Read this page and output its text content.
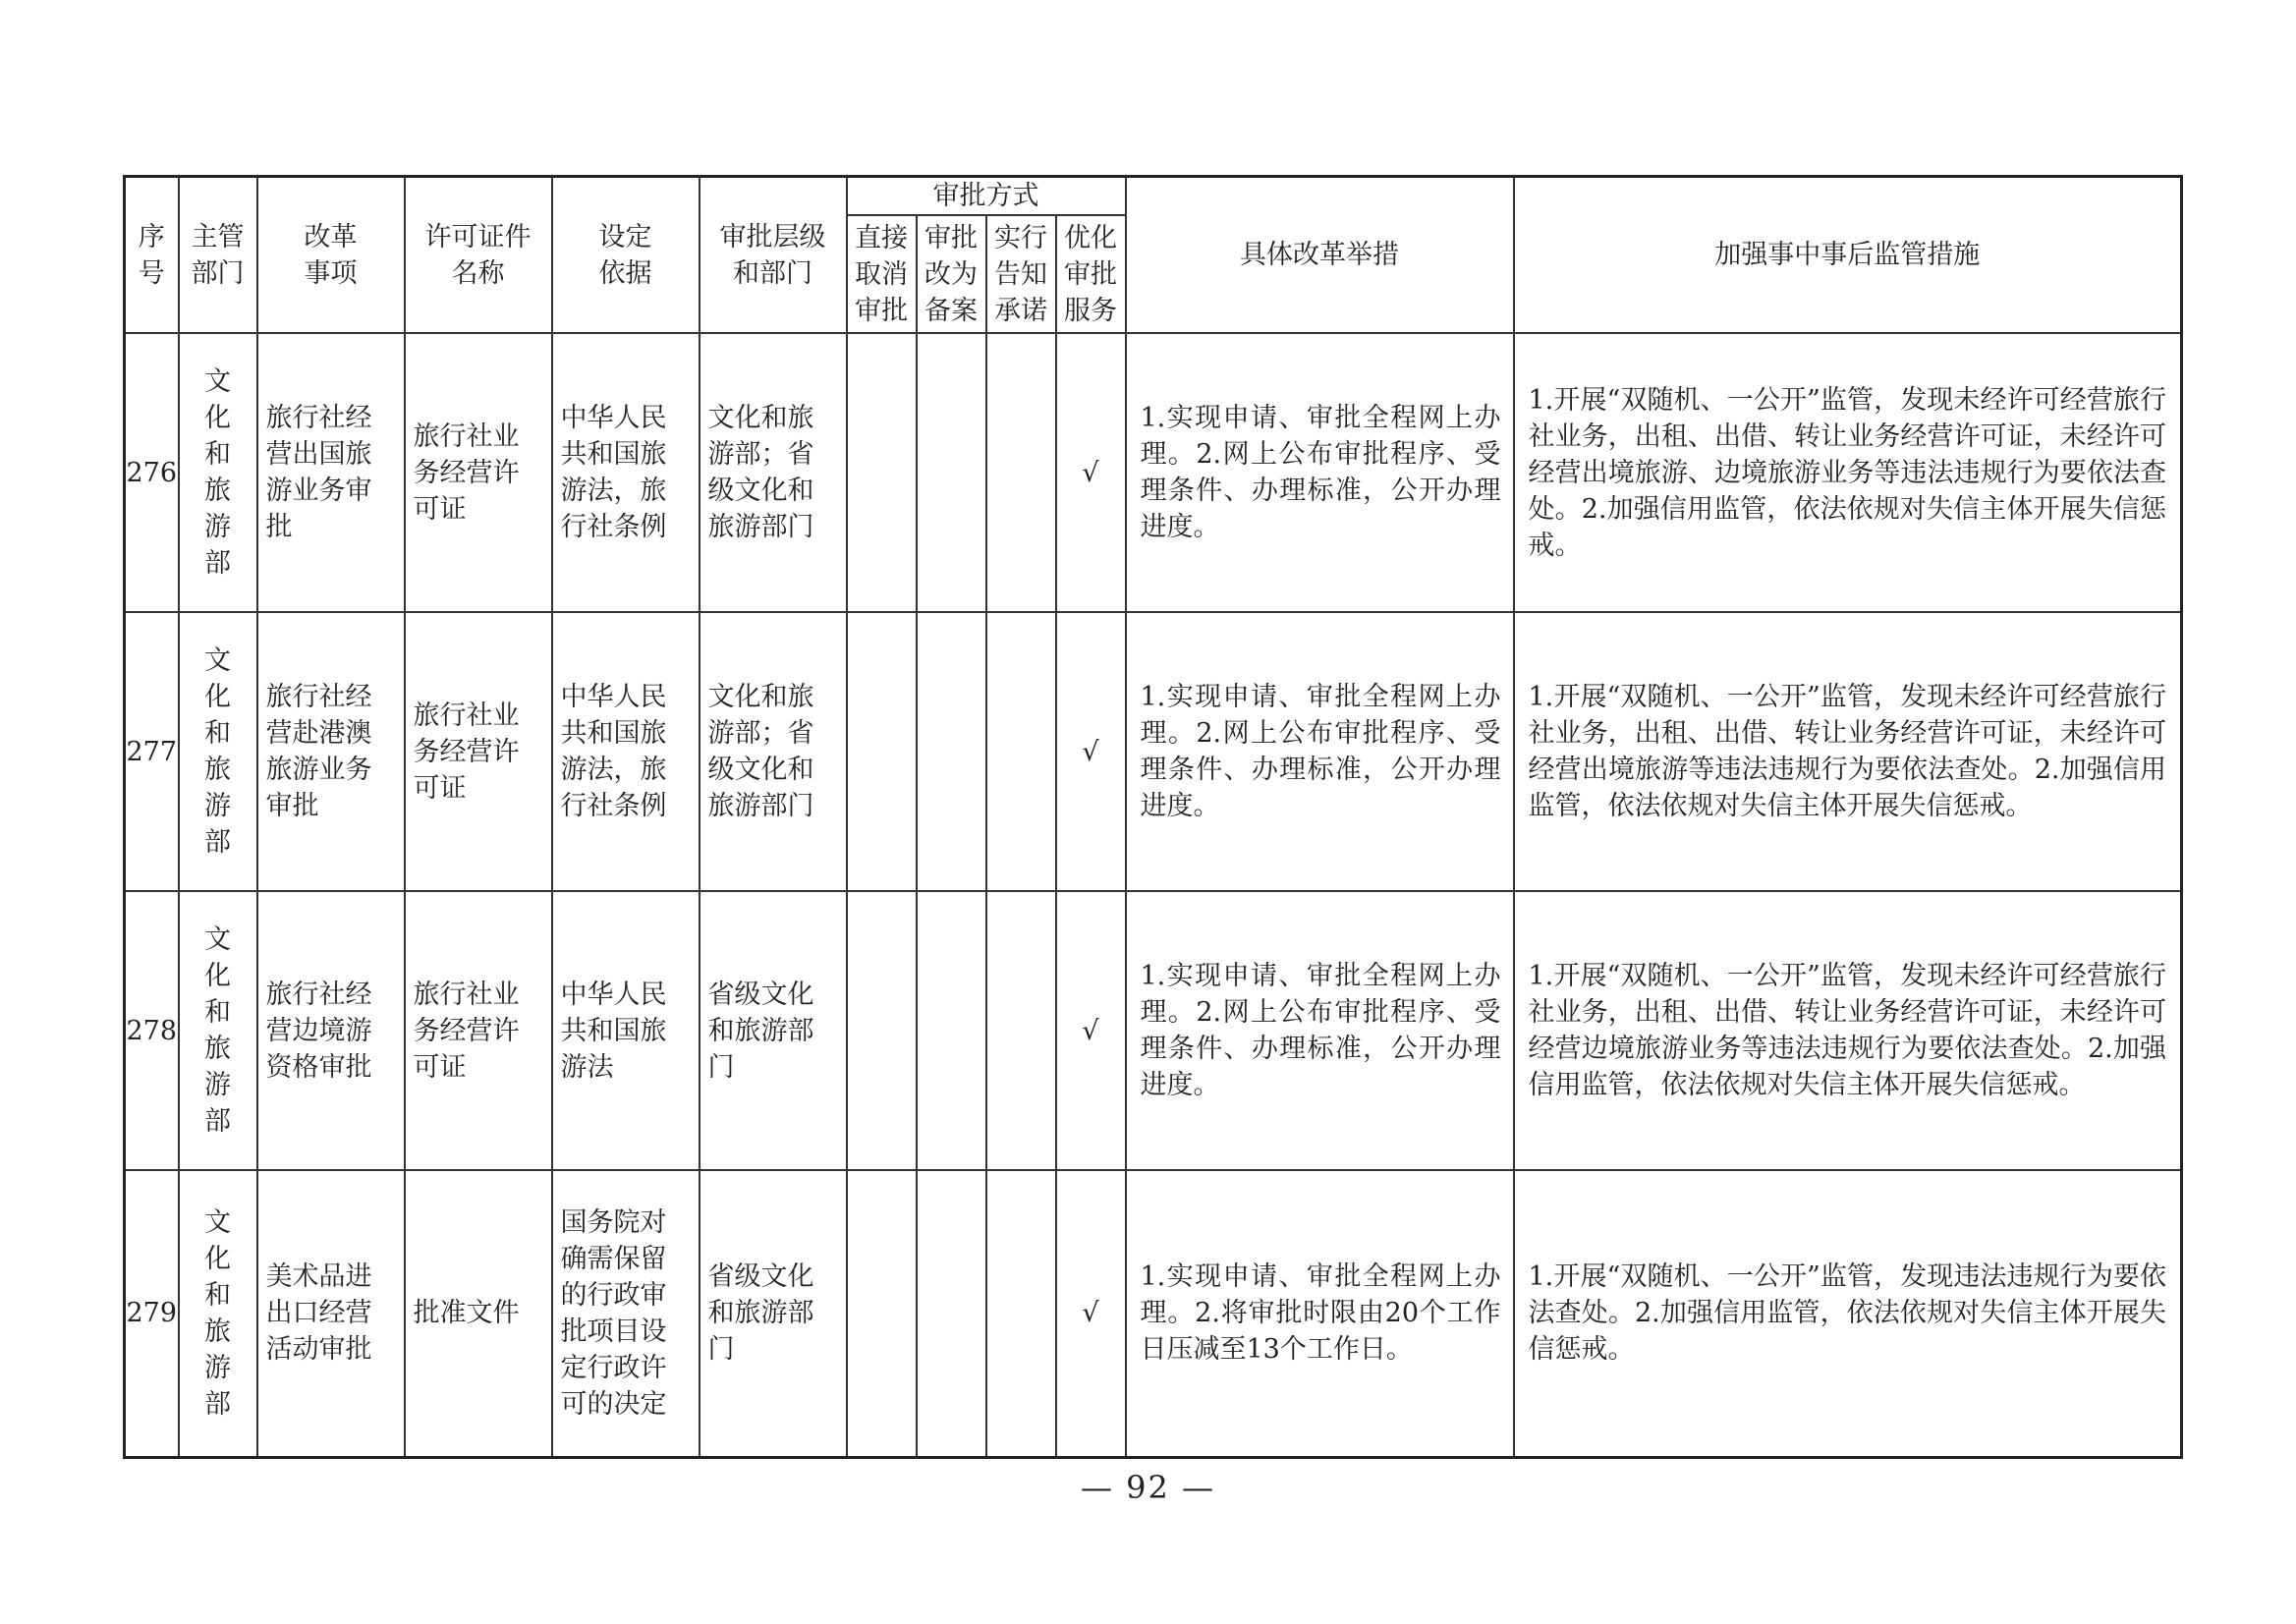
序号	主管部门	改革事项	许可证件名称	设定依据	审批层级和部门	审批方式				具体改革举措	加强事中事后监管措施
						直接取消审批	审批改为备案	实行告知承诺	优化审批服务		
276	文化和旅游部	旅行社经营出国旅游业务审批	旅行社业务经营许可证	中华人民共和国旅游法，旅行社条例	文化和旅游部；省级文化和旅游部门				√	1.实现申请、审批全程网上办理。2.网上公布审批程序、受理条件、办理标准，公开办理进度。	1.开展“双随机、一公开”监管，发现未经许可经营旅行社业务，出租、出借、转让业务经营许可证，未经许可经营出境旅游、边境旅游业务等违法违规行为要依法查处。2.加强信用监管，依法依规对失信主体开展失信惩戒。
277	文化和旅游部	旅行社经营赴港澳旅游业务审批	旅行社业务经营许可证	中华人民共和国旅游法，旅行社条例	文化和旅游部；省级文化和旅游部门				√	1.实现申请、审批全程网上办理。2.网上公布审批程序、受理条件、办理标准，公开办理进度。	1.开展“双随机、一公开”监管，发现未经许可经营旅行社业务，出租、出借、转让业务经营许可证，未经许可经营出境旅游等违法违规行为要依法查处。2.加强信用监管，依法依规对失信主体开展失信惩戒。
278	文化和旅游部	旅行社经营边境游资格审批	旅行社业务经营许可证	中华人民共和国旅游法	省级文化和旅游部门				√	1.实现申请、审批全程网上办理。2.网上公布审批程序、受理条件、办理标准，公开办理进度。	1.开展“双随机、一公开”监管，发现未经许可经营旅行社业务，出租、出借、转让业务经营许可证，未经许可经营边境旅游业务等违法违规行为要依法查处。2.加强信用监管，依法依规对失信主体开展失信惩戒。
279	文化和旅游部	美术品进出口经营活动审批	批准文件	国务院对确需保留的行政审批项目设定行政许可的决定	省级文化和旅游部门				√	1.实现申请、审批全程网上办理。2.将审批时限由20个工作日压减至13个工作日。	1.开展“双随机、一公开”监管，发现违法违规行为要依法查处。2.加强信用监管，依法依规对失信主体开展失信惩戒。
— 92 —
